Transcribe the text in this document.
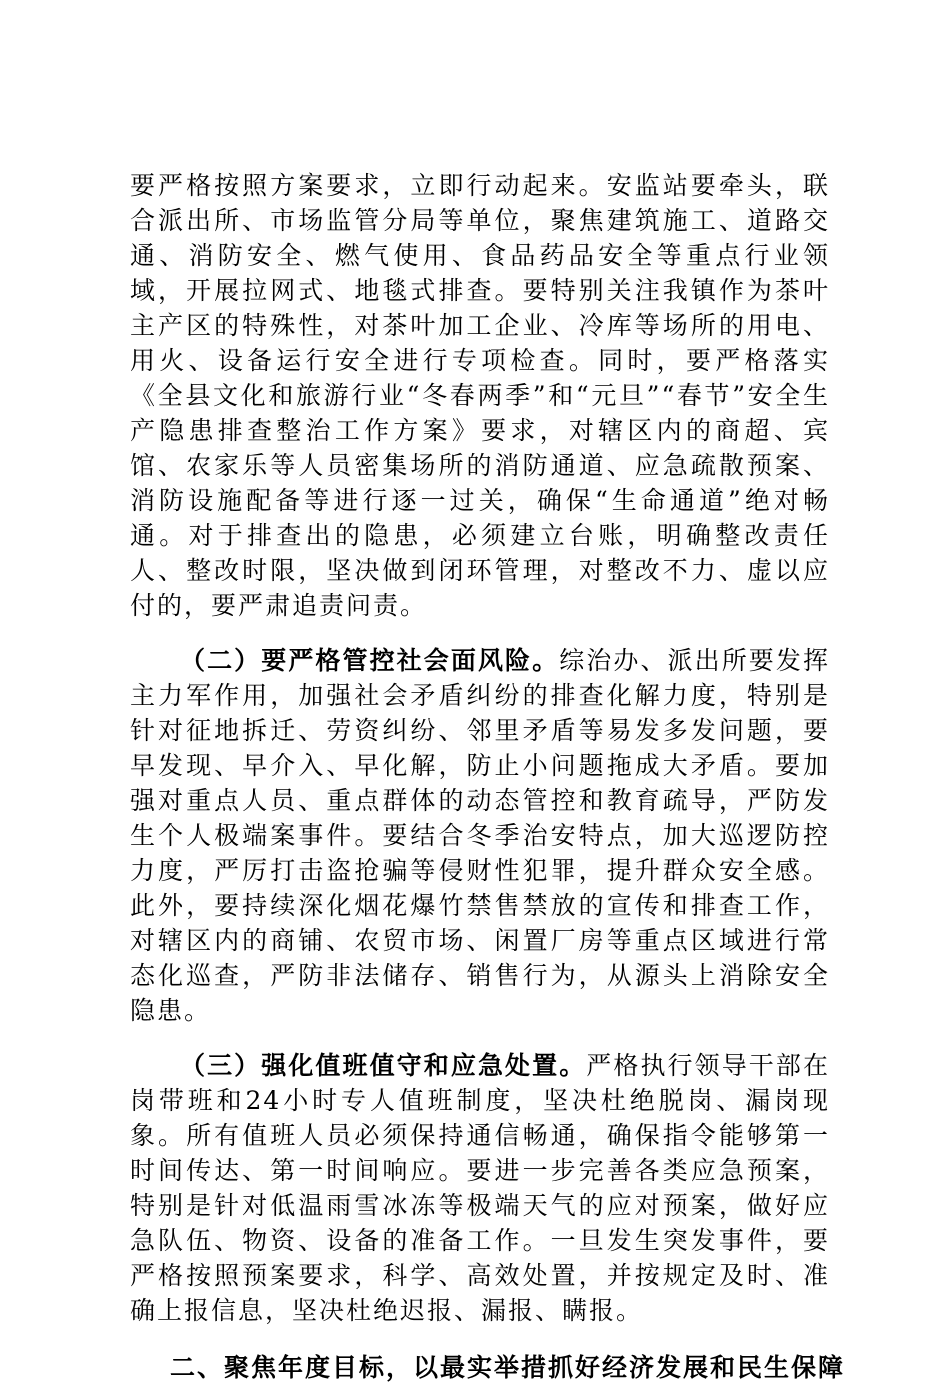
要严格按照方案要求，立即行动起来。安监站要牵头，联合派出所、市场监管分局等单位，聚焦建筑施工、道路交通、消防安全、燃气使用、食品药品安全等重点行业领域，开展拉网式、地毯式排查。要特别关注我镇作为茶叶主产区的特殊性，对茶叶加工企业、冷库等场所的用电、用火、设备运行安全进行专项检查。同时，要严格落实《全县文化和旅游行业“冬春两季”和“元旦”“春节”安全生产隐患排查整治工作方案》要求，对辖区内的商超、宾馆、农家乐等人员密集场所的消防通道、应急疏散预案、消防设施配备等进行逐一过关，确保“生命通道”绝对畅通。对于排查出的隐患，必须建立台账，明确整改责任人、整改时限，坚决做到闭环管理，对整改不力、虚以应付的，要严肃追责问责。

（二）要严格管控社会面风险。综治办、派出所要发挥主力军作用，加强社会矛盾纠纷的排查化解力度，特别是针对征地拆迁、劳资纠纷、邻里矛盾等易发多发问题，要早发现、早介入、早化解，防止小问题拖成大矛盾。要加强对重点人员、重点群体的动态管控和教育疏导，严防发生个人极端案事件。要结合冬季治安特点，加大巡逻防控力度，严厉打击盗抢骗等侵财性犯罪，提升群众安全感。此外，要持续深化烟花爆竹禁售禁放的宣传和排查工作，对辖区内的商铺、农贸市场、闲置厂房等重点区域进行常态化巡查，严防非法储存、销售行为，从源头上消除安全隐患。

（三）强化值班值守和应急处置。严格执行领导干部在岗带班和24小时专人值班制度，坚决杜绝脱岗、漏岗现象。所有值班人员必须保持通信畅通，确保指令能够第一时间传达、第一时间响应。要进一步完善各类应急预案，特别是针对低温雨雪冰冻等极端天气的应对预案，做好应急队伍、物资、设备的准备工作。一旦发生突发事件，要严格按照预案要求，科学、高效处置，并按规定及时、准确上报信息，坚决杜绝迟报、漏报、瞒报。

二、聚焦年度目标，以最实举措抓好经济发展和民生保障
